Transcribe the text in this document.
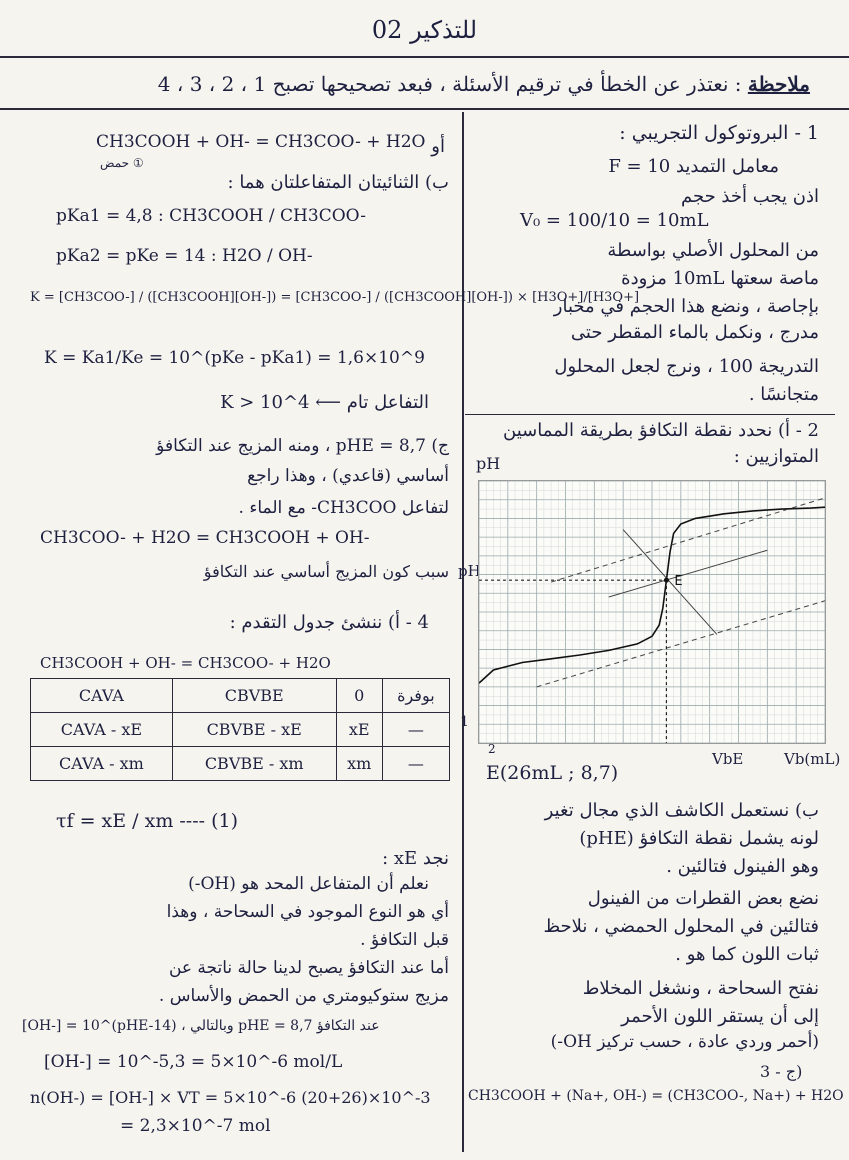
للتذكير 02
ملاحظة : نعتذر عن الخطأ في ترقيم الأسئلة ، فبعد تصحيحها تصبح 1 ، 2 ، 3 ، 4
1 - البروتوكول التجريبي :
معامل التمديد F = 10
اذن يجب أخذ حجم
V₀ = 100/10 = 10mL
من المحلول الأصلي بواسطة
ماصة سعتها 10mL مزودة
بإجاصة ، ونضع هذا الحجم في مخبار
مدرج ، ونكمل بالماء المقطر حتى
التدريجة 100 ، ونرج لجعل المحلول
متجانسًا .
2 - أ) نحدد نقطة التكافؤ بطريقة المماسين
المتوازيين :
pH
pHE
1
E
2
VbE	Vb(mL)
E(26mL ; 8,7)
ب) نستعمل الكاشف الذي مجال تغير
لونه يشمل نقطة التكافؤ (pHE)
وهو الفينول فتالئين .
نضع بعض القطرات من الفينول
فتالئين في المحلول الحمضي ، نلاحظ
ثبات اللون كما هو .
نفتح السحاحة ، ونشغل المخلاط
إلى أن يستقر اللون الأحمر
(أحمر وردي عادة ، حسب تركيز OH-)
3 - ج)
CH3COOH + (Na+, OH-) = (CH3COO-, Na+) + H2O
CH3COOH + OH- = CH3COO- + H2O أو
حمض ①
ب) الثنائيتان المتفاعلتان هما :
pKa1 = 4,8 : CH3COOH / CH3COO-
pKa2 = pKe = 14 : H2O / OH-
K = [CH3COO-] / ([CH3COOH][OH-]) = [CH3COO-] / ([CH3COOH][OH-]) × [H3O+]/[H3O+]
K = Ka1/Ke = 10^(pKe - pKa1) = 1,6×10^9
التفاعل تام ⟵ K > 10^4
ج) pHE = 8,7 ، ومنه المزيج عند التكافؤ
أساسي (قاعدي) ، وهذا راجع
لتفاعل CH3COO- مع الماء .
CH3COO- + H2O = CH3COOH + OH-
سبب كون المزيج أساسي عند التكافؤ
4 - أ) ننشئ جدول التقدم :
CH3COOH + OH- = CH3COO- + H2O
CAVA	CBVBE	0	بوفرة
CAVA - xE	CBVBE - xE	xE	—
CAVA - xm	CBVBE - xm	xm	—
τf = xE / xm ---- (1)
نجد xE :
نعلم أن المتفاعل المحد هو (OH-)
أي هو النوع الموجود في السحاحة ، وهذا
قبل التكافؤ .
أما عند التكافؤ يصبح لدينا حالة ناتجة عن
مزيج ستوكيومتري من الحمض والأساس .
[OH-] = 10^(pHE-14) ، وبالتالي pHE = 8,7 عند التكافؤ
[OH-] = 10^-5,3 = 5×10^-6 mol/L
n(OH-) = [OH-] × VT = 5×10^-6 (20+26)×10^-3
= 2,3×10^-7 mol
